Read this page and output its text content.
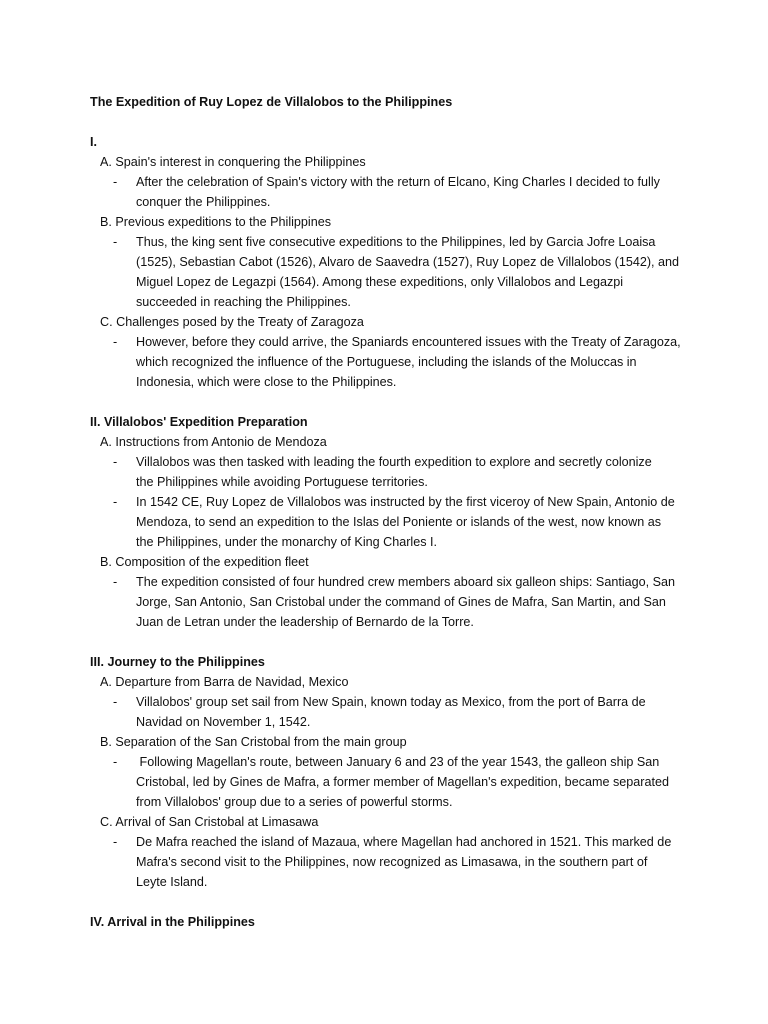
The Expedition of Ruy Lopez de Villalobos to the Philippines
I.
A. Spain's interest in conquering the Philippines
- After the celebration of Spain's victory with the return of Elcano, King Charles I decided to fully
conquer the Philippines.
B. Previous expeditions to the Philippines
- Thus, the king sent five consecutive expeditions to the Philippines, led by Garcia Jofre Loaisa
(1525), Sebastian Cabot (1526), Alvaro de Saavedra (1527), Ruy Lopez de Villalobos (1542), and
Miguel Lopez de Legazpi (1564). Among these expeditions, only Villalobos and Legazpi
succeeded in reaching the Philippines.
C. Challenges posed by the Treaty of Zaragoza
- However, before they could arrive, the Spaniards encountered issues with the Treaty of Zaragoza,
which recognized the influence of the Portuguese, including the islands of the Moluccas in
Indonesia, which were close to the Philippines.
II. Villalobos' Expedition Preparation
A. Instructions from Antonio de Mendoza
- Villalobos was then tasked with leading the fourth expedition to explore and secretly colonize
the Philippines while avoiding Portuguese territories.
- In 1542 CE, Ruy Lopez de Villalobos was instructed by the first viceroy of New Spain, Antonio de
Mendoza, to send an expedition to the Islas del Poniente or islands of the west, now known as
the Philippines, under the monarchy of King Charles I.
B. Composition of the expedition fleet
- The expedition consisted of four hundred crew members aboard six galleon ships: Santiago, San
Jorge, San Antonio, San Cristobal under the command of Gines de Mafra, San Martin, and San
Juan de Letran under the leadership of Bernardo de la Torre.
III. Journey to the Philippines
A. Departure from Barra de Navidad, Mexico
- Villalobos' group set sail from New Spain, known today as Mexico, from the port of Barra de
Navidad on November 1, 1542.
B. Separation of the San Cristobal from the main group
- Following Magellan's route, between January 6 and 23 of the year 1543, the galleon ship San
Cristobal, led by Gines de Mafra, a former member of Magellan's expedition, became separated
from Villalobos' group due to a series of powerful storms.
C. Arrival of San Cristobal at Limasawa
- De Mafra reached the island of Mazaua, where Magellan had anchored in 1521. This marked de
Mafra's second visit to the Philippines, now recognized as Limasawa, in the southern part of
Leyte Island.
IV. Arrival in the Philippines
